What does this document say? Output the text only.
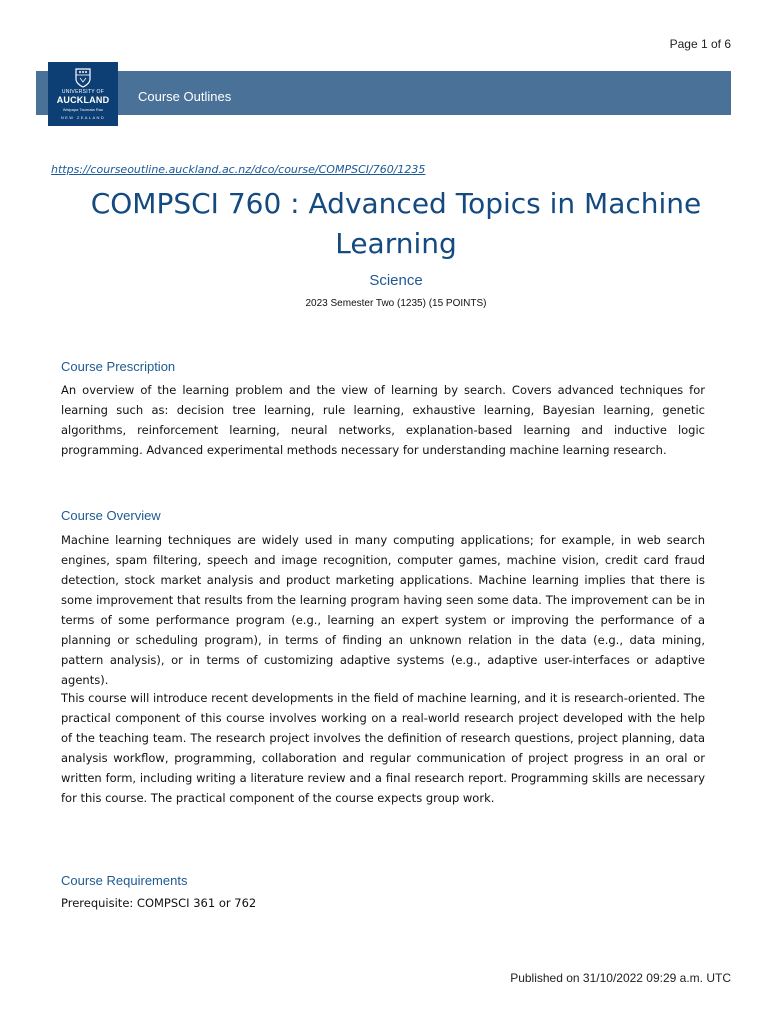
Page 1 of 6
UNIVERSITY OF
AUCKLAND
Waipapa Taumata Rau
NEW ZEALAND
Course Outlines
https://courseoutline.auckland.ac.nz/dco/course/COMPSCI/760/1235
COMPSCI 760 : Advanced Topics in Machine Learning
Science
2023 Semester Two (1235) (15 POINTS)
Course Prescription

An overview of the learning problem and the view of learning by search. Covers advanced techniques for learning such as: decision tree learning, rule learning, exhaustive learning, Bayesian learning, genetic algorithms, reinforcement learning, neural networks, explanation-based learning and inductive logic programming. Advanced experimental methods necessary for understanding machine learning research.

Course Overview

Machine learning techniques are widely used in many computing applications; for example, in web search engines, spam filtering, speech and image recognition, computer games, machine vision, credit card fraud detection, stock market analysis and product marketing applications. Machine learning implies that there is some improvement that results from the learning program having seen some data. The improvement can be in terms of some performance program (e.g., learning an expert system or improving the performance of a planning or scheduling program), in terms of finding an unknown relation in the data (e.g., data mining, pattern analysis), or in terms of customizing adaptive systems (e.g., adaptive user-interfaces or adaptive agents).

This course will introduce recent developments in the field of machine learning, and it is research-oriented. The practical component of this course involves working on a real-world research project developed with the help of the teaching team. The research project involves the definition of research questions, project planning, data analysis workflow, programming, collaboration and regular communication of project progress in an oral or written form, including writing a literature review and a final research report. Programming skills are necessary for this course. The practical component of the course expects group work.

Course Requirements
Prerequisite: COMPSCI 361 or 762
Published on 31/10/2022 09:29 a.m. UTC
